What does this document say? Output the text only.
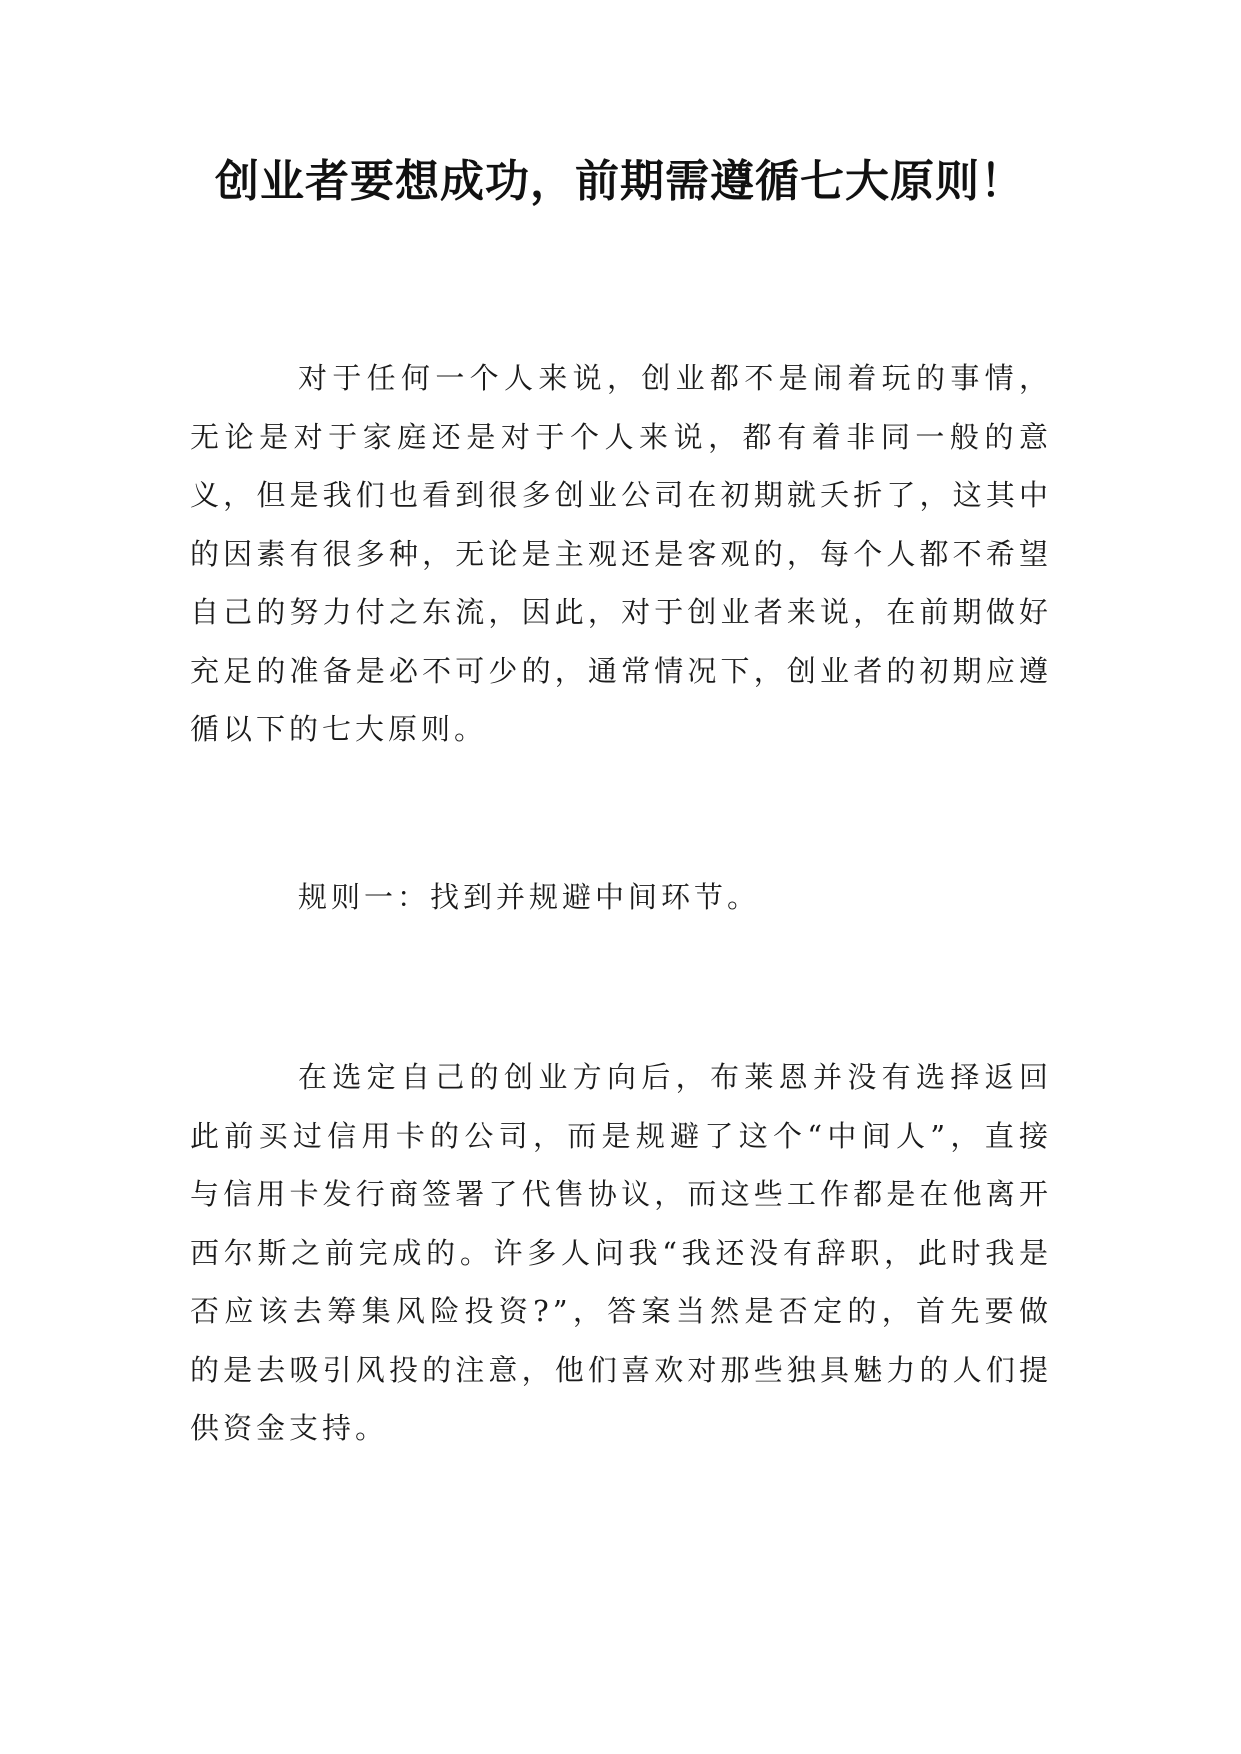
创业者要想成功，前期需遵循七大原则！

对于任何一个人来说，创业都不是闹着玩的事情，无论是对于家庭还是对于个人来说，都有着非同一般的意义，但是我们也看到很多创业公司在初期就夭折了，这其中的因素有很多种，无论是主观还是客观的，每个人都不希望自己的努力付之东流，因此，对于创业者来说，在前期做好充足的准备是必不可少的，通常情况下，创业者的初期应遵循以下的七大原则。

规则一：找到并规避中间环节。

在选定自己的创业方向后，布莱恩并没有选择返回此前买过信用卡的公司，而是规避了这个“中间人”，直接与信用卡发行商签署了代售协议，而这些工作都是在他离开西尔斯之前完成的。许多人问我“我还没有辞职，此时我是否应该去筹集风险投资?”，答案当然是否定的，首先要做的是去吸引风投的注意，他们喜欢对那些独具魅力的人们提供资金支持。
